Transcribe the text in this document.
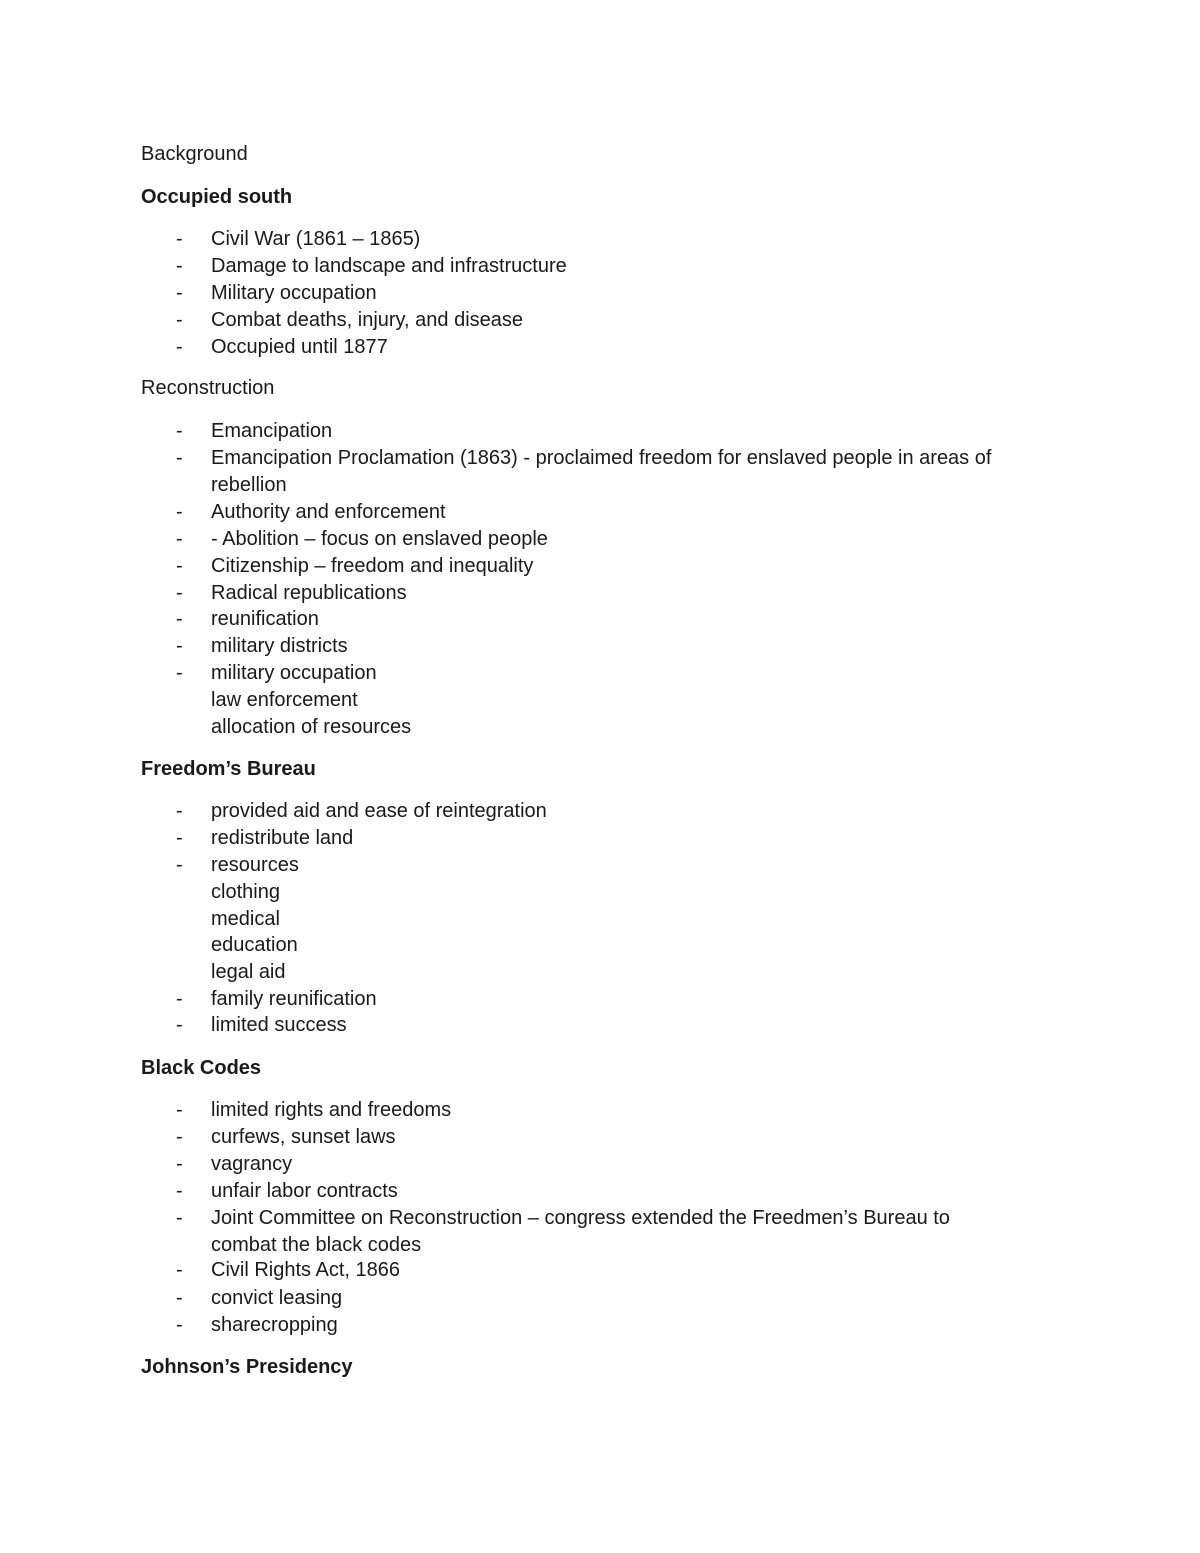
Background
Occupied south
- Civil War (1861 – 1865)
- Damage to landscape and infrastructure
- Military occupation
- Combat deaths, injury, and disease
- Occupied until 1877
Reconstruction
- Emancipation
- Emancipation Proclamation (1863) - proclaimed freedom for enslaved people in areas of
rebellion
- Authority and enforcement
- - Abolition – focus on enslaved people
- Citizenship – freedom and inequality
- Radical republications
- reunification
- military districts
- military occupation
law enforcement
allocation of resources
Freedom’s Bureau
- provided aid and ease of reintegration
- redistribute land
- resources
clothing
medical
education
legal aid
- family reunification
- limited success
Black Codes
- limited rights and freedoms
- curfews, sunset laws
- vagrancy
- unfair labor contracts
- Joint Committee on Reconstruction – congress extended the Freedmen’s Bureau to
combat the black codes
- Civil Rights Act, 1866
- convict leasing
- sharecropping
Johnson’s Presidency
